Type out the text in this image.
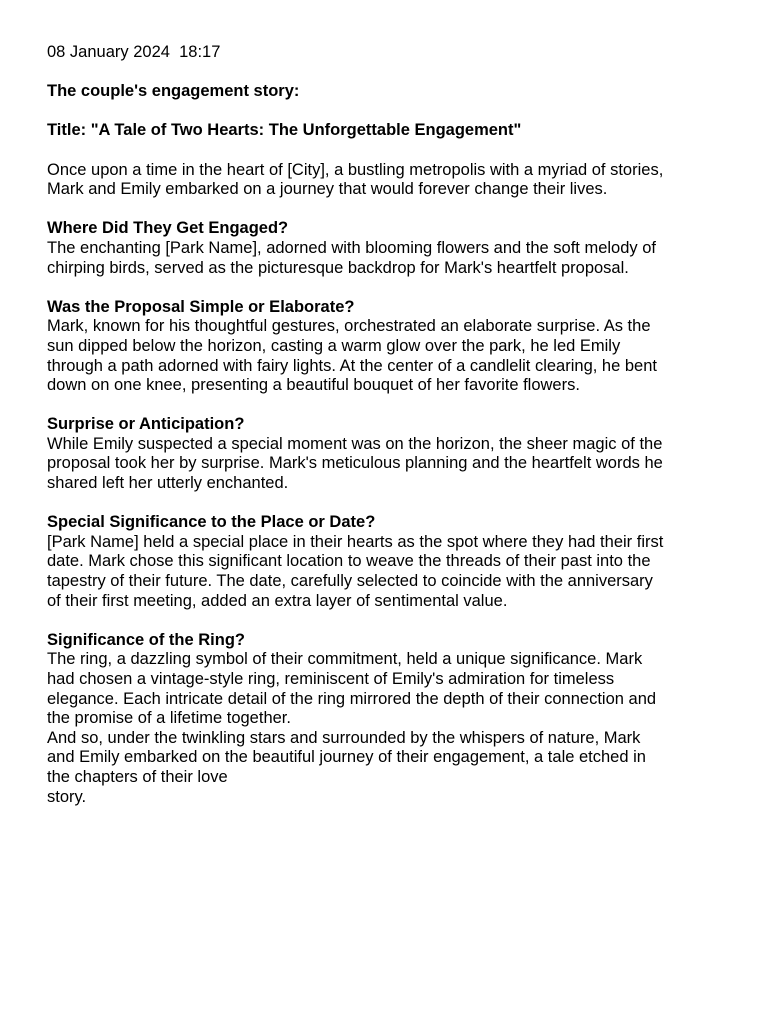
08 January 2024  18:17
The couple's engagement story:
Title: "A Tale of Two Hearts: The Unforgettable Engagement"
Once upon a time in the heart of [City], a bustling metropolis with a myriad of stories,
Mark and Emily embarked on a journey that would forever change their lives.
Where Did They Get Engaged?
The enchanting [Park Name], adorned with blooming flowers and the soft melody of
chirping birds, served as the picturesque backdrop for Mark's heartfelt proposal.
Was the Proposal Simple or Elaborate?
Mark, known for his thoughtful gestures, orchestrated an elaborate surprise. As the
sun dipped below the horizon, casting a warm glow over the park, he led Emily
through a path adorned with fairy lights. At the center of a candlelit clearing, he bent
down on one knee, presenting a beautiful bouquet of her favorite flowers.
Surprise or Anticipation?
While Emily suspected a special moment was on the horizon, the sheer magic of the
proposal took her by surprise. Mark's meticulous planning and the heartfelt words he
shared left her utterly enchanted.
Special Significance to the Place or Date?
[Park Name] held a special place in their hearts as the spot where they had their first
date. Mark chose this significant location to weave the threads of their past into the
tapestry of their future. The date, carefully selected to coincide with the anniversary
of their first meeting, added an extra layer of sentimental value.
Significance of the Ring?
The ring, a dazzling symbol of their commitment, held a unique significance. Mark
had chosen a vintage-style ring, reminiscent of Emily's admiration for timeless
elegance. Each intricate detail of the ring mirrored the depth of their connection and
the promise of a lifetime together.
And so, under the twinkling stars and surrounded by the whispers of nature, Mark
and Emily embarked on the beautiful journey of their engagement, a tale etched in
the chapters of their love
story.
